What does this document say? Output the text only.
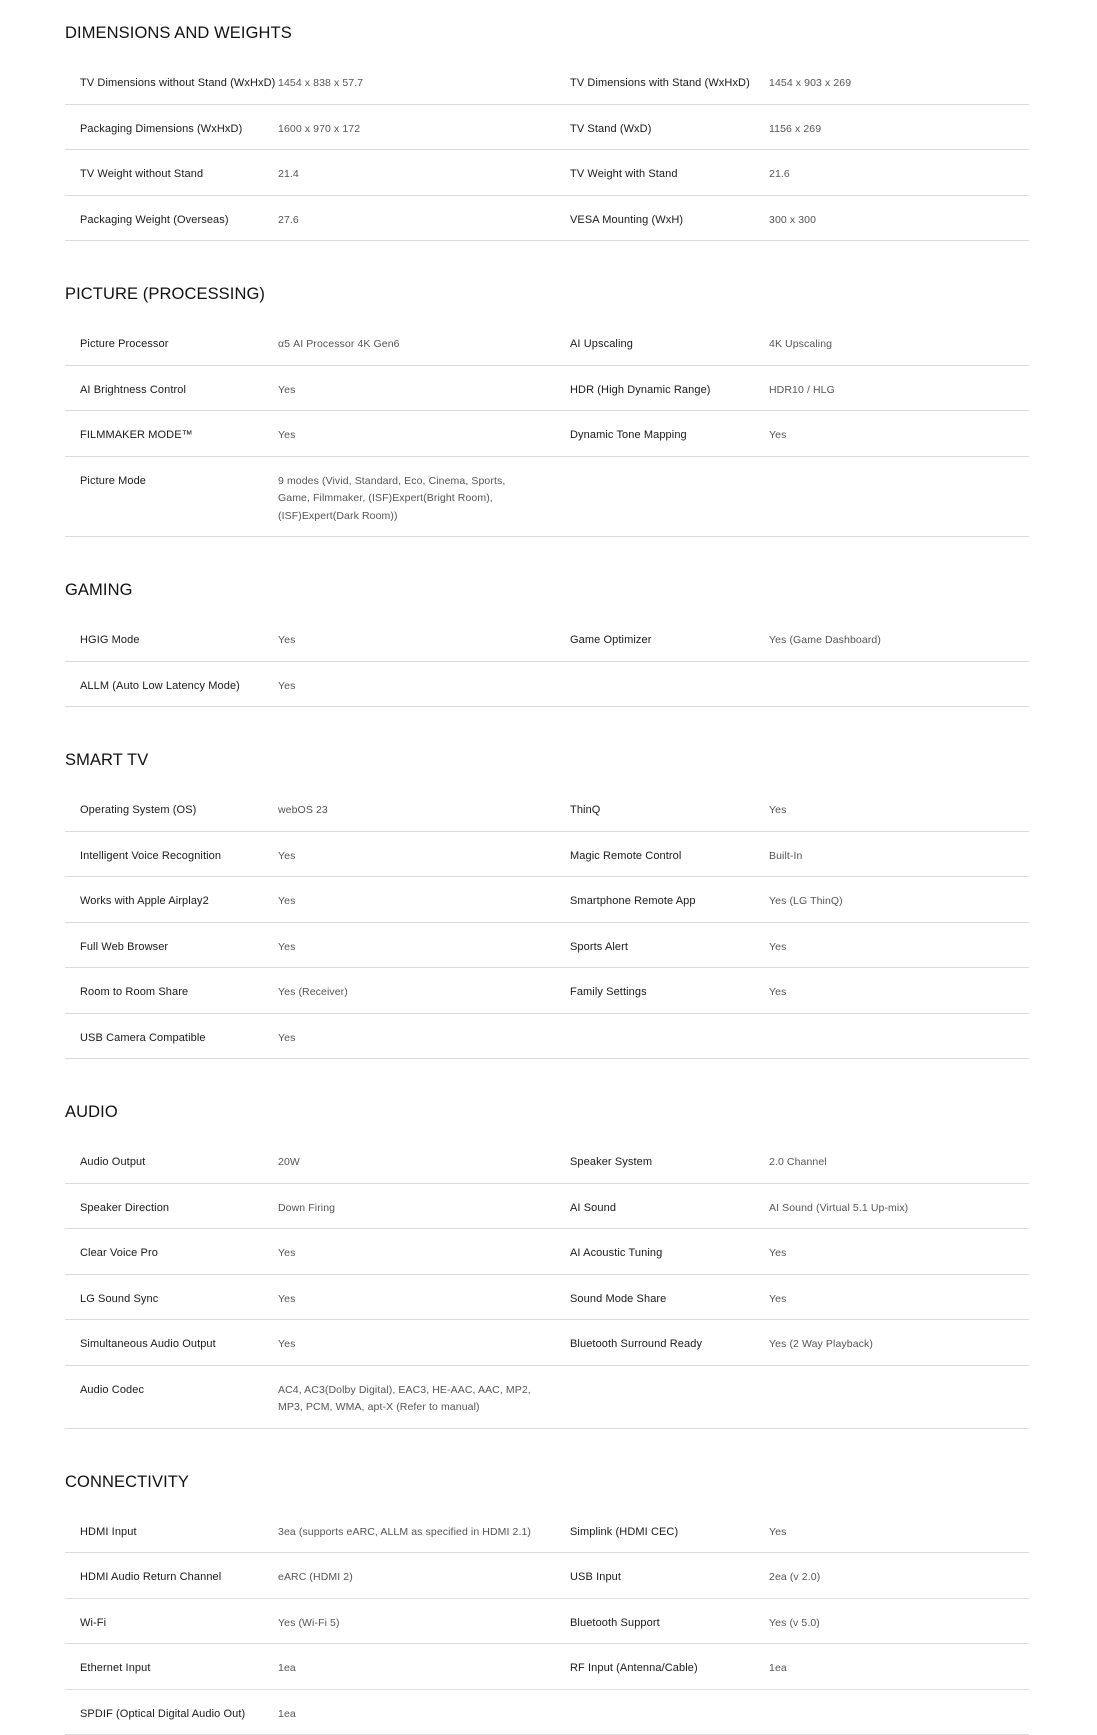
DIMENSIONS AND WEIGHTS
TV Dimensions without Stand (WxHxD) 1454 x 838 x 57.7	TV Dimensions with Stand (WxHxD)	1454 x 903 x 269
Packaging Dimensions (WxHxD)	1600 x 970 x 172	TV Stand (WxD)	1156 x 269
TV Weight without Stand	21.4	TV Weight with Stand	21.6
Packaging Weight (Overseas)	27.6	VESA Mounting (WxH)	300 x 300
PICTURE (PROCESSING)
Picture Processor	α5 AI Processor 4K Gen6	AI Upscaling	4K Upscaling
AI Brightness Control	Yes	HDR (High Dynamic Range)	HDR10 / HLG
FILMMAKER MODE™	Yes	Dynamic Tone Mapping	Yes
Picture Mode	9 modes (Vivid, Standard, Eco, Cinema, Sports, Game, Filmmaker, (ISF)Expert(Bright Room), (ISF)Expert(Dark Room))
GAMING
HGIG Mode	Yes	Game Optimizer	Yes (Game Dashboard)
ALLM (Auto Low Latency Mode)	Yes
SMART TV
Operating System (OS)	webOS 23	ThinQ	Yes
Intelligent Voice Recognition	Yes	Magic Remote Control	Built-In
Works with Apple Airplay2	Yes	Smartphone Remote App	Yes (LG ThinQ)
Full Web Browser	Yes	Sports Alert	Yes
Room to Room Share	Yes (Receiver)	Family Settings	Yes
USB Camera Compatible	Yes
AUDIO
Audio Output	20W	Speaker System	2.0 Channel
Speaker Direction	Down Firing	AI Sound	AI Sound (Virtual 5.1 Up-mix)
Clear Voice Pro	Yes	AI Acoustic Tuning	Yes
LG Sound Sync	Yes	Sound Mode Share	Yes
Simultaneous Audio Output	Yes	Bluetooth Surround Ready	Yes (2 Way Playback)
Audio Codec	AC4, AC3(Dolby Digital), EAC3, HE-AAC, AAC, MP2, MP3, PCM, WMA, apt-X (Refer to manual)
CONNECTIVITY
HDMI Input	3ea (supports eARC, ALLM as specified in HDMI 2.1)	Simplink (HDMI CEC)	Yes
HDMI Audio Return Channel	eARC (HDMI 2)	USB Input	2ea (v 2.0)
Wi-Fi	Yes (Wi-Fi 5)	Bluetooth Support	Yes (v 5.0)
Ethernet Input	1ea	RF Input (Antenna/Cable)	1ea
SPDIF (Optical Digital Audio Out)	1ea
